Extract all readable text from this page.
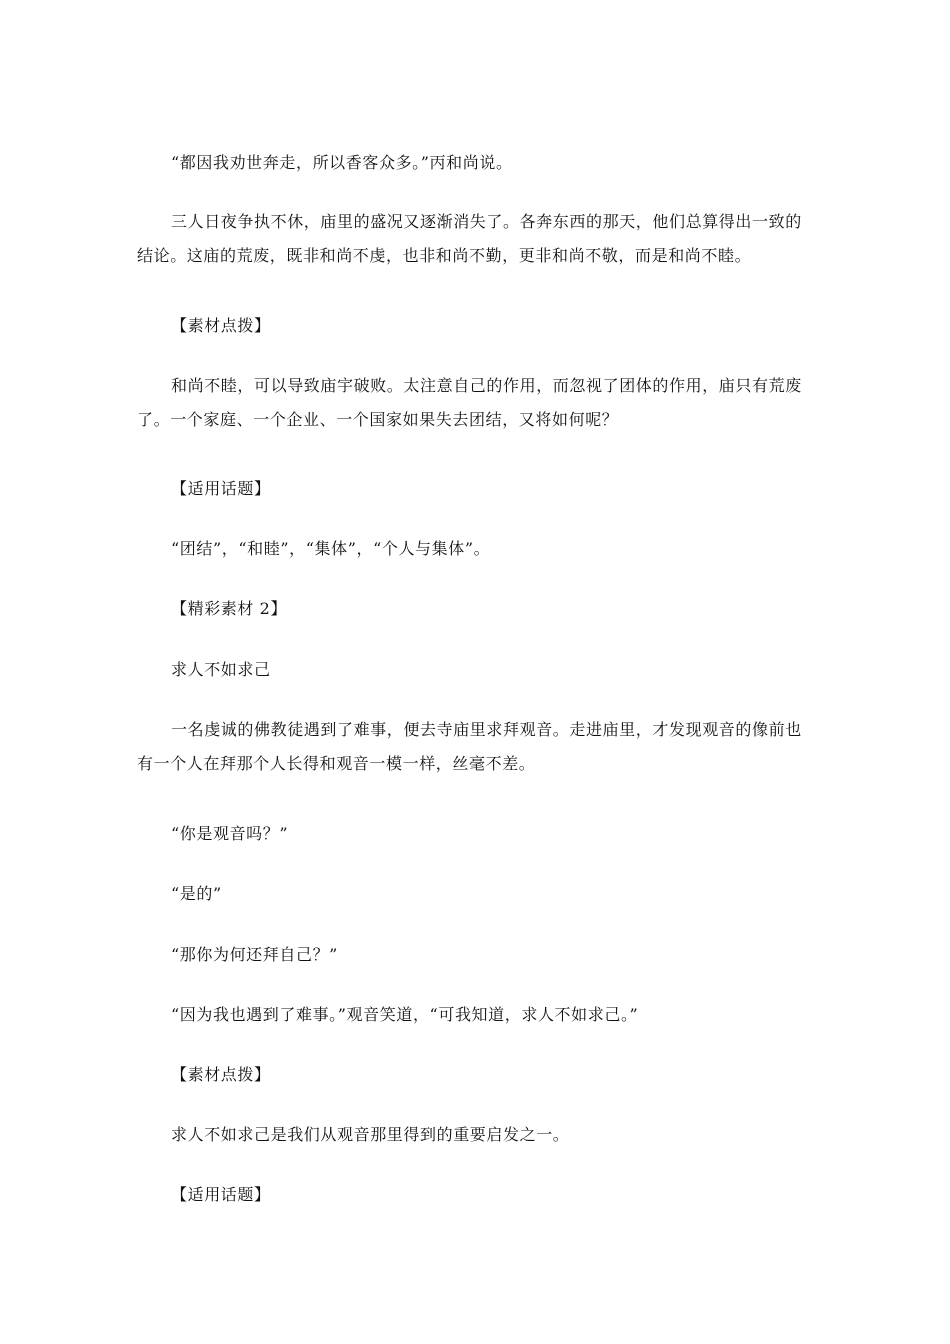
“都因我劝世奔走，所以香客众多。”丙和尚说。

三人日夜争执不休，庙里的盛况又逐渐消失了。各奔东西的那天，他们总算得出一致的结论。这庙的荒废，既非和尚不虔，也非和尚不勤，更非和尚不敬，而是和尚不睦。

【素材点拨】

和尚不睦，可以导致庙宇破败。太注意自己的作用，而忽视了团体的作用，庙只有荒废了。一个家庭、一个企业、一个国家如果失去团结，又将如何呢？

【适用话题】

“团结”，“和睦”，“集体”，“个人与集体”。

【精彩素材 2】

求人不如求己

一名虔诚的佛教徒遇到了难事，便去寺庙里求拜观音。走进庙里，才发现观音的像前也有一个人在拜那个人长得和观音一模一样，丝毫不差。

“你是观音吗？”

“是的”

“那你为何还拜自己？”

“因为我也遇到了难事。”观音笑道，“可我知道，求人不如求己。”

【素材点拨】

求人不如求己是我们从观音那里得到的重要启发之一。

【适用话题】
